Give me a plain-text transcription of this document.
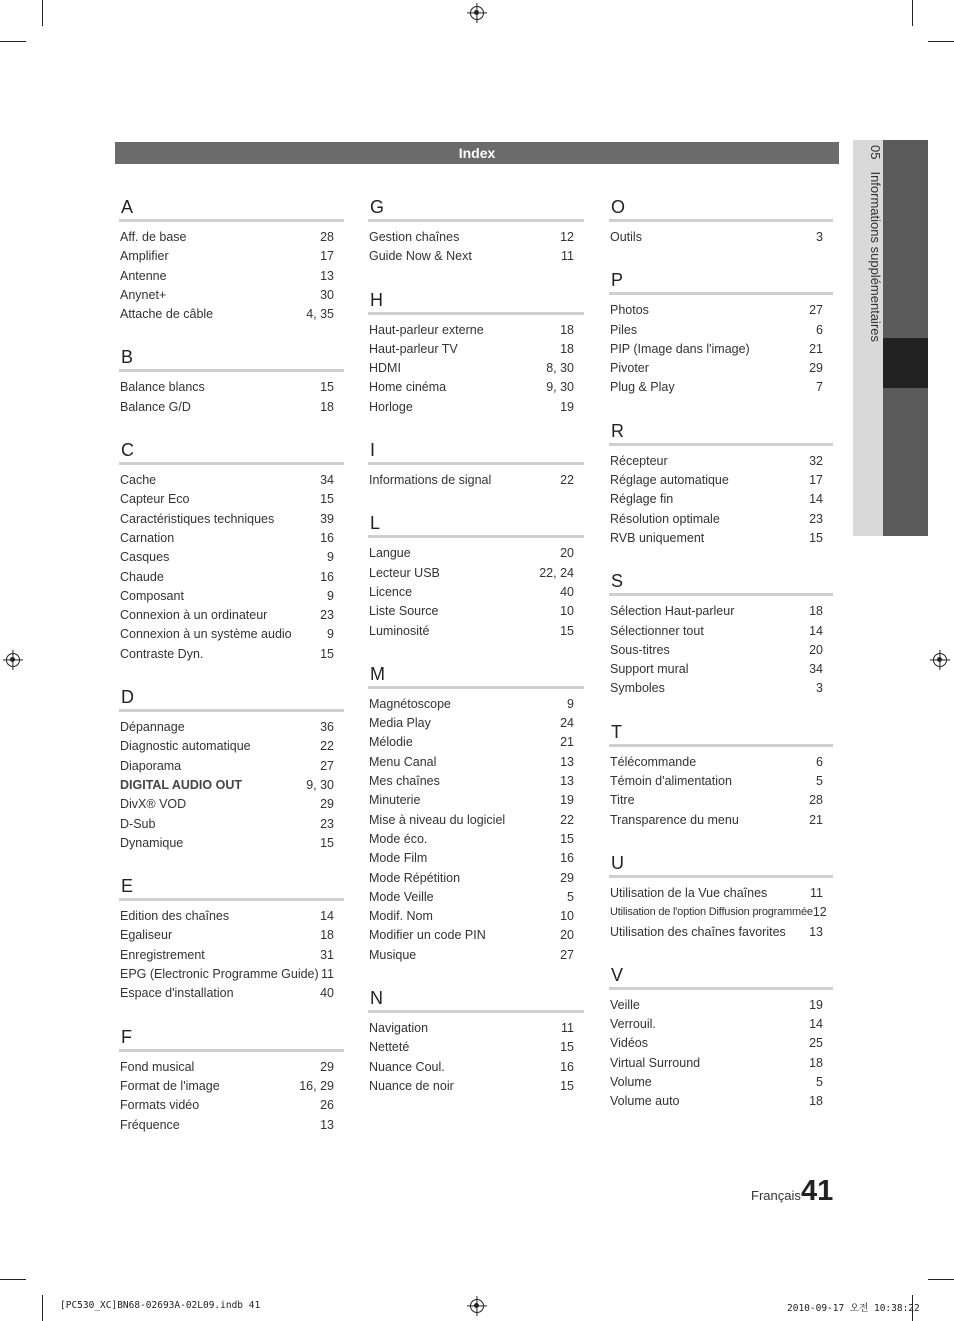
Index	05Informations supplémentaires
A
Aff. de base	28
Amplifier	17
Antenne	13
Anynet+	30
Attache de câble	4, 35
B
Balance blancs	15
Balance G/D	18
C
Cache	34
Capteur Eco	15
Caractéristiques techniques	39
Carnation	16
Casques	9
Chaude	16
Composant	9
Connexion à un ordinateur	23
Connexion à un système audio	9
Contraste Dyn.	15
D
Dépannage	36
Diagnostic automatique	22
Diaporama	27
DIGITAL AUDIO OUT	9, 30
DivX® VOD	29
D-Sub	23
Dynamique	15
E
Edition des chaînes	14
Egaliseur	18
Enregistrement	31
EPG (Electronic Programme Guide) 11
Espace d'installation	40
F
Fond musical	29
Format de l'image	16, 29
Formats vidéo	26
Fréquence	13
G
Gestion chaînes	12
Guide Now & Next	11
H
Haut-parleur externe	18
Haut-parleur TV	18
HDMI	8, 30
Home cinéma	9, 30
Horloge	19
I
Informations de signal	22
L
Langue	20
Lecteur USB	22, 24
Licence	40
Liste Source	10
Luminosité	15
M
Magnétoscope	9
Media Play	24
Mélodie	21
Menu Canal	13
Mes chaînes	13
Minuterie	19
Mise à niveau du logiciel	22
Mode éco.	15
Mode Film	16
Mode Répétition	29
Mode Veille	5
Modif. Nom	10
Modifier un code PIN	20
Musique	27
N
Navigation	11
Netteté	15
Nuance Coul.	16
Nuance de noir	15
O
Outils	3
P
Photos	27
Piles	6
PIP (Image dans l'image)	21
Pivoter	29
Plug & Play	7
R
Récepteur	32
Réglage automatique	17
Réglage fin	14
Résolution optimale	23
RVB uniquement	15
S
Sélection Haut-parleur	18
Sélectionner tout	14
Sous-titres	20
Support mural	34
Symboles	3
T
Télécommande	6
Témoin d'alimentation	5
Titre	28
Transparence du menu	21
U
Utilisation de la Vue chaînes	11
Utilisation de l'option Diffusion programmée 12
Utilisation des chaînes favorites 13
V
Veille	19
Verrouil.	14
Vidéos	25
Virtual Surround	18
Volume	5
Volume auto	18
Français 41
[PC530_XC]BN68-02693A-02L09.indb 41	2010-09-17 오전 10:38:22
